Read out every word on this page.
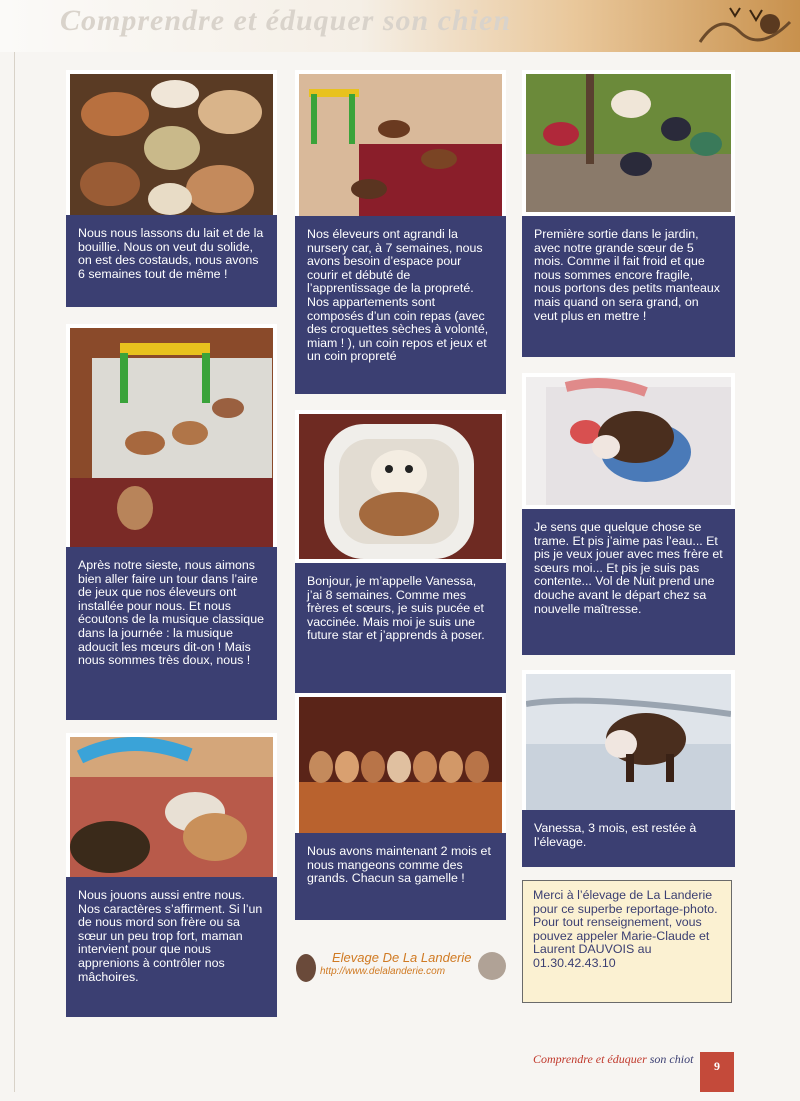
Comprendre et éduquer son chien
Nous nous lassons du lait et de la bouillie. Nous on veut du solide, on est des costauds, nous avons 6 semaines tout de même !
Après notre sieste, nous aimons bien aller faire un tour dans l’aire de jeux que nos éleveurs ont installée pour nous. Et nous écoutons de la musique classique dans la journée : la musique adoucit les mœurs dit-on ! Mais nous sommes très doux, nous !
Nous jouons aussi entre nous. Nos caractères s’affirment. Si l’un de nous mord son frère ou sa sœur un peu trop fort, maman intervient pour que nous apprenions à contrôler nos mâchoires.
Nos éleveurs ont agrandi la nursery car, à 7 semaines, nous avons besoin d’espace pour courir et débuté de l’apprentissage de la propreté. Nos appartements sont composés d’un coin repas (avec des croquettes sèches à volonté, miam ! ), un coin repos et jeux et un coin propreté
Bonjour, je m’appelle Vanessa, j’ai 8 semaines. Comme mes frères et sœurs, je suis pucée et vaccinée. Mais moi je suis une future star et j’apprends à poser.
Nous avons maintenant 2 mois et nous mangeons comme des grands. Chacun sa gamelle !
Première sortie dans le jardin, avec notre grande sœur de 5 mois. Comme il fait froid et que nous sommes encore fragile, nous portons des petits manteaux mais quand on sera grand, on veut plus en mettre !
Je sens que quelque chose se trame. Et pis j’aime pas l’eau... Et pis je veux jouer avec mes frère et sœurs moi... Et pis je suis pas contente... Vol de Nuit prend une douche avant le départ chez sa nouvelle maîtresse.
Vanessa, 3 mois, est restée à l’élevage.
Merci à l’élevage de La Landerie pour ce superbe reportage-photo. Pour tout renseignement, vous pouvez appeler Marie-Claude et Laurent DAUVOIS au 01.30.42.43.10
Elevage De La Landerie
http://www.delalanderie.com
Comprendre et éduquer son chiot	9
